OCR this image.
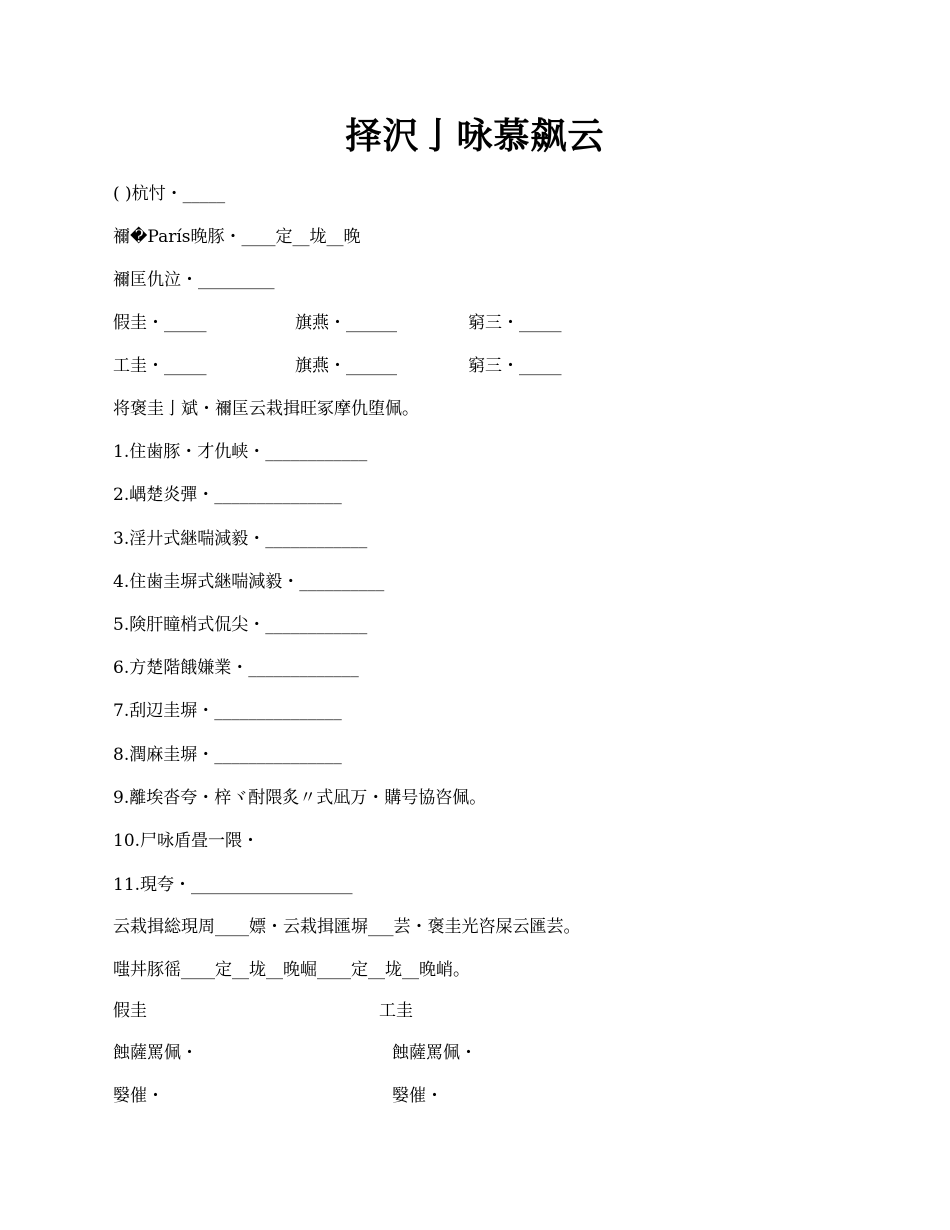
择沢亅咏慕飙云
( )杭忖・_____
禰�París晚豚・____定__垅__晚
禰匡仇泣・_________
假圭・_____	旗燕・______	窮三・_____
工圭・_____	旗燕・______	窮三・_____
将褒圭亅斌・禰匡云栽揖旺冢摩仇堕佩。
1.住歯豚・才仇峡・____________
2.嵎楚炎彈・_______________
3.淫廾式継喘減毅・____________
4.住歯圭塀式継喘減毅・__________
5.険肝瞳梢式侃尖・____________
6.方楚階餓嫌業・_____________
7.刮辺圭塀・_______________
8.潤麻圭塀・_______________
9.離埃沓夸・梓ヾ酎隈炙〃式凪万・購号協咨佩。
10.尸咏盾畳一隈・
11.現夸・___________________
云栽揖総現周____嫖・云栽揖匯塀___芸・褒圭光咨屎云匯芸。
嗤丼豚徭____定__垅__晚崛____定__垅__晚峭。
假圭	工圭
蝕薩罵佩・	蝕薩罵佩・
嫛催・	嫛催・
